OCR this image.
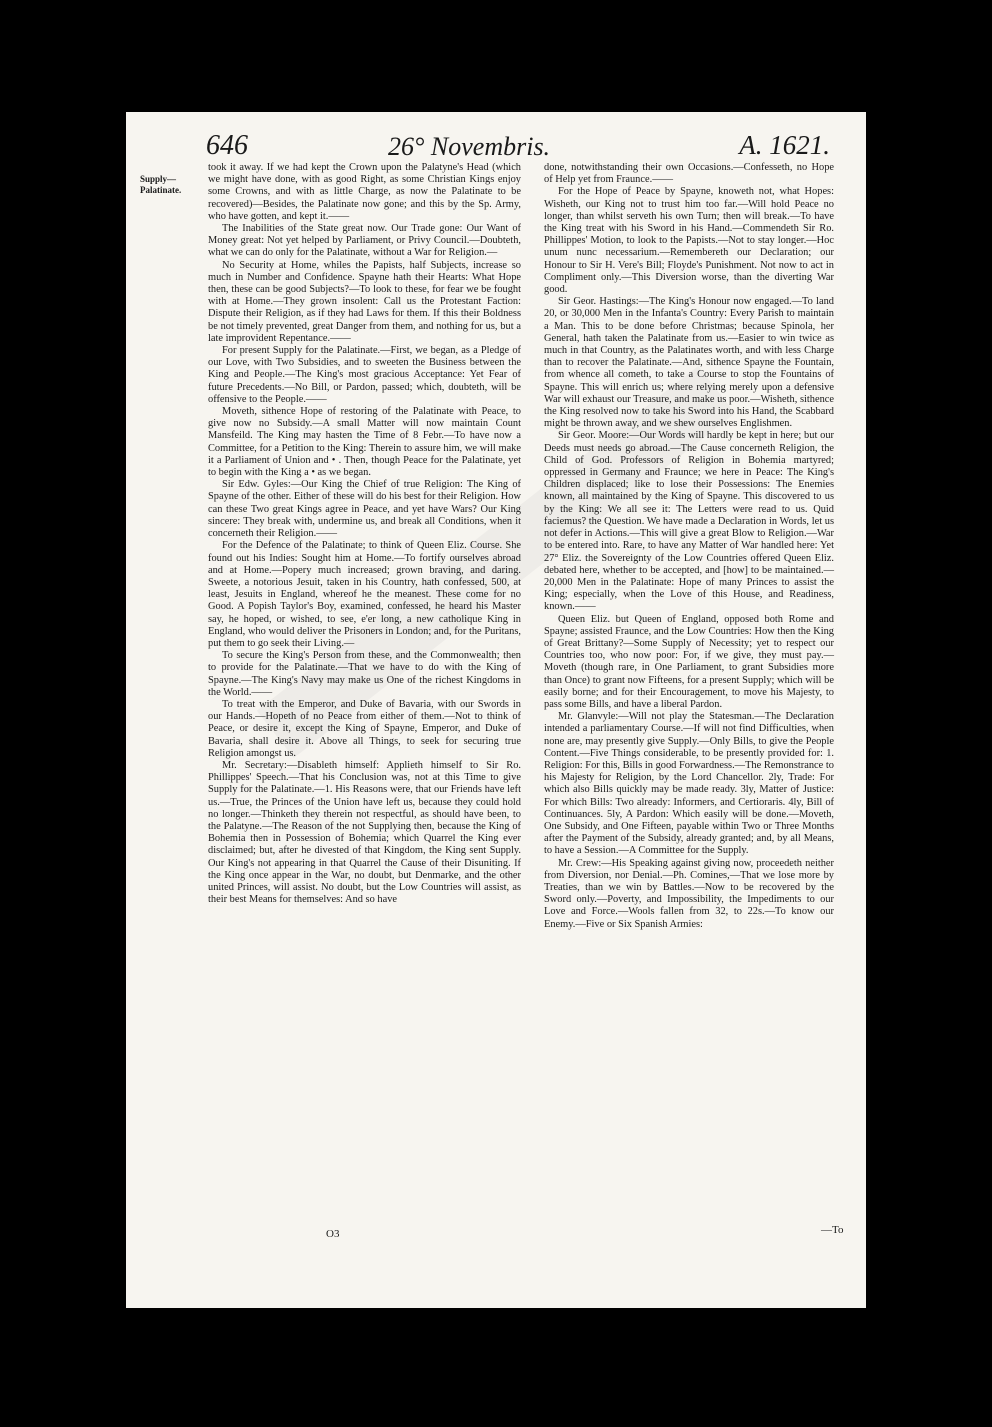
646	26° Novembris.	A. 1621.
Supply—Palatinate.

took it away. If we had kept the Crown upon the Palatyne's Head (which we might have done, with as good Right, as some Christian Kings enjoy some Crowns, and with as little Charge, as now the Palatinate to be recovered)—Besides, the Palatinate now gone; and this by the Sp. Army, who have gotten, and kept it.——

The Inabilities of the State great now. Our Trade gone: Our Want of Money great: Not yet helped by Parliament, or Privy Council.—Doubteth, what we can do only for the Palatinate, without a War for Religion.—

No Security at Home, whiles the Papists, half Subjects, increase so much in Number and Confidence. Spayne hath their Hearts: What Hope then, these can be good Subjects?—To look to these, for fear we be fought with at Home.—They grown insolent: Call us the Protestant Faction: Dispute their Religion, as if they had Laws for them. If this their Boldness be not timely prevented, great Danger from them, and nothing for us, but a late improvident Repentance.——

For present Supply for the Palatinate.—First, we began, as a Pledge of our Love, with Two Subsidies, and to sweeten the Business between the King and People.—The King's most gracious Acceptance: Yet Fear of future Precedents.—No Bill, or Pardon, passed; which, doubteth, will be offensive to the People.——

Moveth, sithence Hope of restoring of the Palatinate with Peace, to give now no Subsidy.—A small Matter will now maintain Count Mansfeild. The King may hasten the Time of 8 Febr.—To have now a Committee, for a Petition to the King: Therein to assure him, we will make it a Parliament of Union and • . Then, though Peace for the Palatinate, yet to begin with the King a • as we began.

Sir Edw. Gyles:—Our King the Chief of true Religion: The King of Spayne of the other. Either of these will do his best for their Religion. How can these Two great Kings agree in Peace, and yet have Wars? Our King sincere: They break with, undermine us, and break all Conditions, when it concerneth their Religion.——

For the Defence of the Palatinate; to think of Queen Eliz. Course. She found out his Indies: Sought him at Home.—To fortify ourselves abroad and at Home.—Popery much increased; grown braving, and daring. Sweete, a notorious Jesuit, taken in his Country, hath confessed, 500, at least, Jesuits in England, whereof he the meanest. These come for no Good. A Popish Taylor's Boy, examined, confessed, he heard his Master say, he hoped, or wished, to see, e'er long, a new catholique King in England, who would deliver the Prisoners in London; and, for the Puritans, put them to go seek their Living.—

To secure the King's Person from these, and the Commonwealth; then to provide for the Palatinate.—That we have to do with the King of Spayne.—The King's Navy may make us One of the richest Kingdoms in the World.——

To treat with the Emperor, and Duke of Bavaria, with our Swords in our Hands.—Hopeth of no Peace from either of them.—Not to think of Peace, or desire it, except the King of Spayne, Emperor, and Duke of Bavaria, shall desire it. Above all Things, to seek for securing true Religion amongst us.

Mr. Secretary:—Disableth himself: Applieth himself to Sir Ro. Phillippes' Speech.—That his Conclusion was, not at this Time to give Supply for the Palatinate.—1. His Reasons were, that our Friends have left us.—True, the Princes of the Union have left us, because they could hold no longer.—Thinketh they therein not respectful, as should have been, to the Palatyne.—The Reason of the not Supplying then, because the King of Bohemia then in Possession of Bohemia; which Quarrel the King ever disclaimed; but, after he divested of that Kingdom, the King sent Supply. Our King's not appearing in that Quarrel the Cause of their Disuniting. If the King once appear in the War, no doubt, but Denmarke, and the other united Princes, will assist. No doubt, but the Low Countries will assist, as their best Means for themselves: And so have

done, notwithstanding their own Occasions.—Confesseth, no Hope of Help yet from Fraunce.——

For the Hope of Peace by Spayne, knoweth not, what Hopes: Wisheth, our King not to trust him too far.—Will hold Peace no longer, than whilst serveth his own Turn; then will break.—To have the King treat with his Sword in his Hand.—Commendeth Sir Ro. Phillippes' Motion, to look to the Papists.—Not to stay longer.—Hoc unum nunc necessarium.—Remembereth our Declaration; our Honour to Sir H. Vere's Bill; Floyde's Punishment. Not now to act in Compliment only.—This Diversion worse, than the diverting War good.

Sir Geor. Hastings:—The King's Honour now engaged.—To land 20, or 30,000 Men in the Infanta's Country: Every Parish to maintain a Man. This to be done before Christmas; because Spinola, her General, hath taken the Palatinate from us.—Easier to win twice as much in that Country, as the Palatinates worth, and with less Charge than to recover the Palatinate.—And, sithence Spayne the Fountain, from whence all cometh, to take a Course to stop the Fountains of Spayne. This will enrich us; where relying merely upon a defensive War will exhaust our Treasure, and make us poor.—Wisheth, sithence the King resolved now to take his Sword into his Hand, the Scabbard might be thrown away, and we shew ourselves Englishmen.

Sir Geor. Moore:—Our Words will hardly be kept in here; but our Deeds must needs go abroad.—The Cause concerneth Religion, the Child of God. Professors of Religion in Bohemia martyred; oppressed in Germany and Fraunce; we here in Peace: The King's Children displaced; like to lose their Possessions: The Enemies known, all maintained by the King of Spayne. This discovered to us by the King: We all see it: The Letters were read to us. Quid faciemus? the Question. We have made a Declaration in Words, let us not defer in Actions.—This will give a great Blow to Religion.—War to be entered into. Rare, to have any Matter of War handled here: Yet 27° Eliz. the Sovereignty of the Low Countries offered Queen Eliz. debated here, whether to be accepted, and [how] to be maintained.—20,000 Men in the Palatinate: Hope of many Princes to assist the King; especially, when the Love of this House, and Readiness, known.——

Queen Eliz. but Queen of England, opposed both Rome and Spayne; assisted Fraunce, and the Low Countries: How then the King of Great Brittany?—Some Supply of Necessity; yet to respect our Countries too, who now poor: For, if we give, they must pay.—Moveth (though rare, in One Parliament, to grant Subsidies more than Once) to grant now Fifteens, for a present Supply; which will be easily borne; and for their Encouragement, to move his Majesty, to pass some Bills, and have a liberal Pardon.

Mr. Glanvyle:—Will not play the Statesman.—The Declaration intended a parliamentary Course.—If will not find Difficulties, when none are, may presently give Supply.—Only Bills, to give the People Content.—Five Things considerable, to be presently provided for: 1. Religion: For this, Bills in good Forwardness.—The Remonstrance to his Majesty for Religion, by the Lord Chancellor. 2ly, Trade: For which also Bills quickly may be made ready. 3ly, Matter of Justice: For which Bills: Two already: Informers, and Certioraris. 4ly, Bill of Continuances. 5ly, A Pardon: Which easily will be done.—Moveth, One Subsidy, and One Fifteen, payable within Two or Three Months after the Payment of the Subsidy, already granted; and, by all Means, to have a Session.—A Committee for the Supply.

Mr. Crew:—His Speaking against giving now, proceedeth neither from Diversion, nor Denial.—Ph. Comines,—That we lose more by Treaties, than we win by Battles.—Now to be recovered by the Sword only.—Poverty, and Impossibility, the Impediments to our Love and Force.—Wools fallen from 32, to 22s.—To know our Enemy.—Five or Six Spanish Armies:

O3	—To
